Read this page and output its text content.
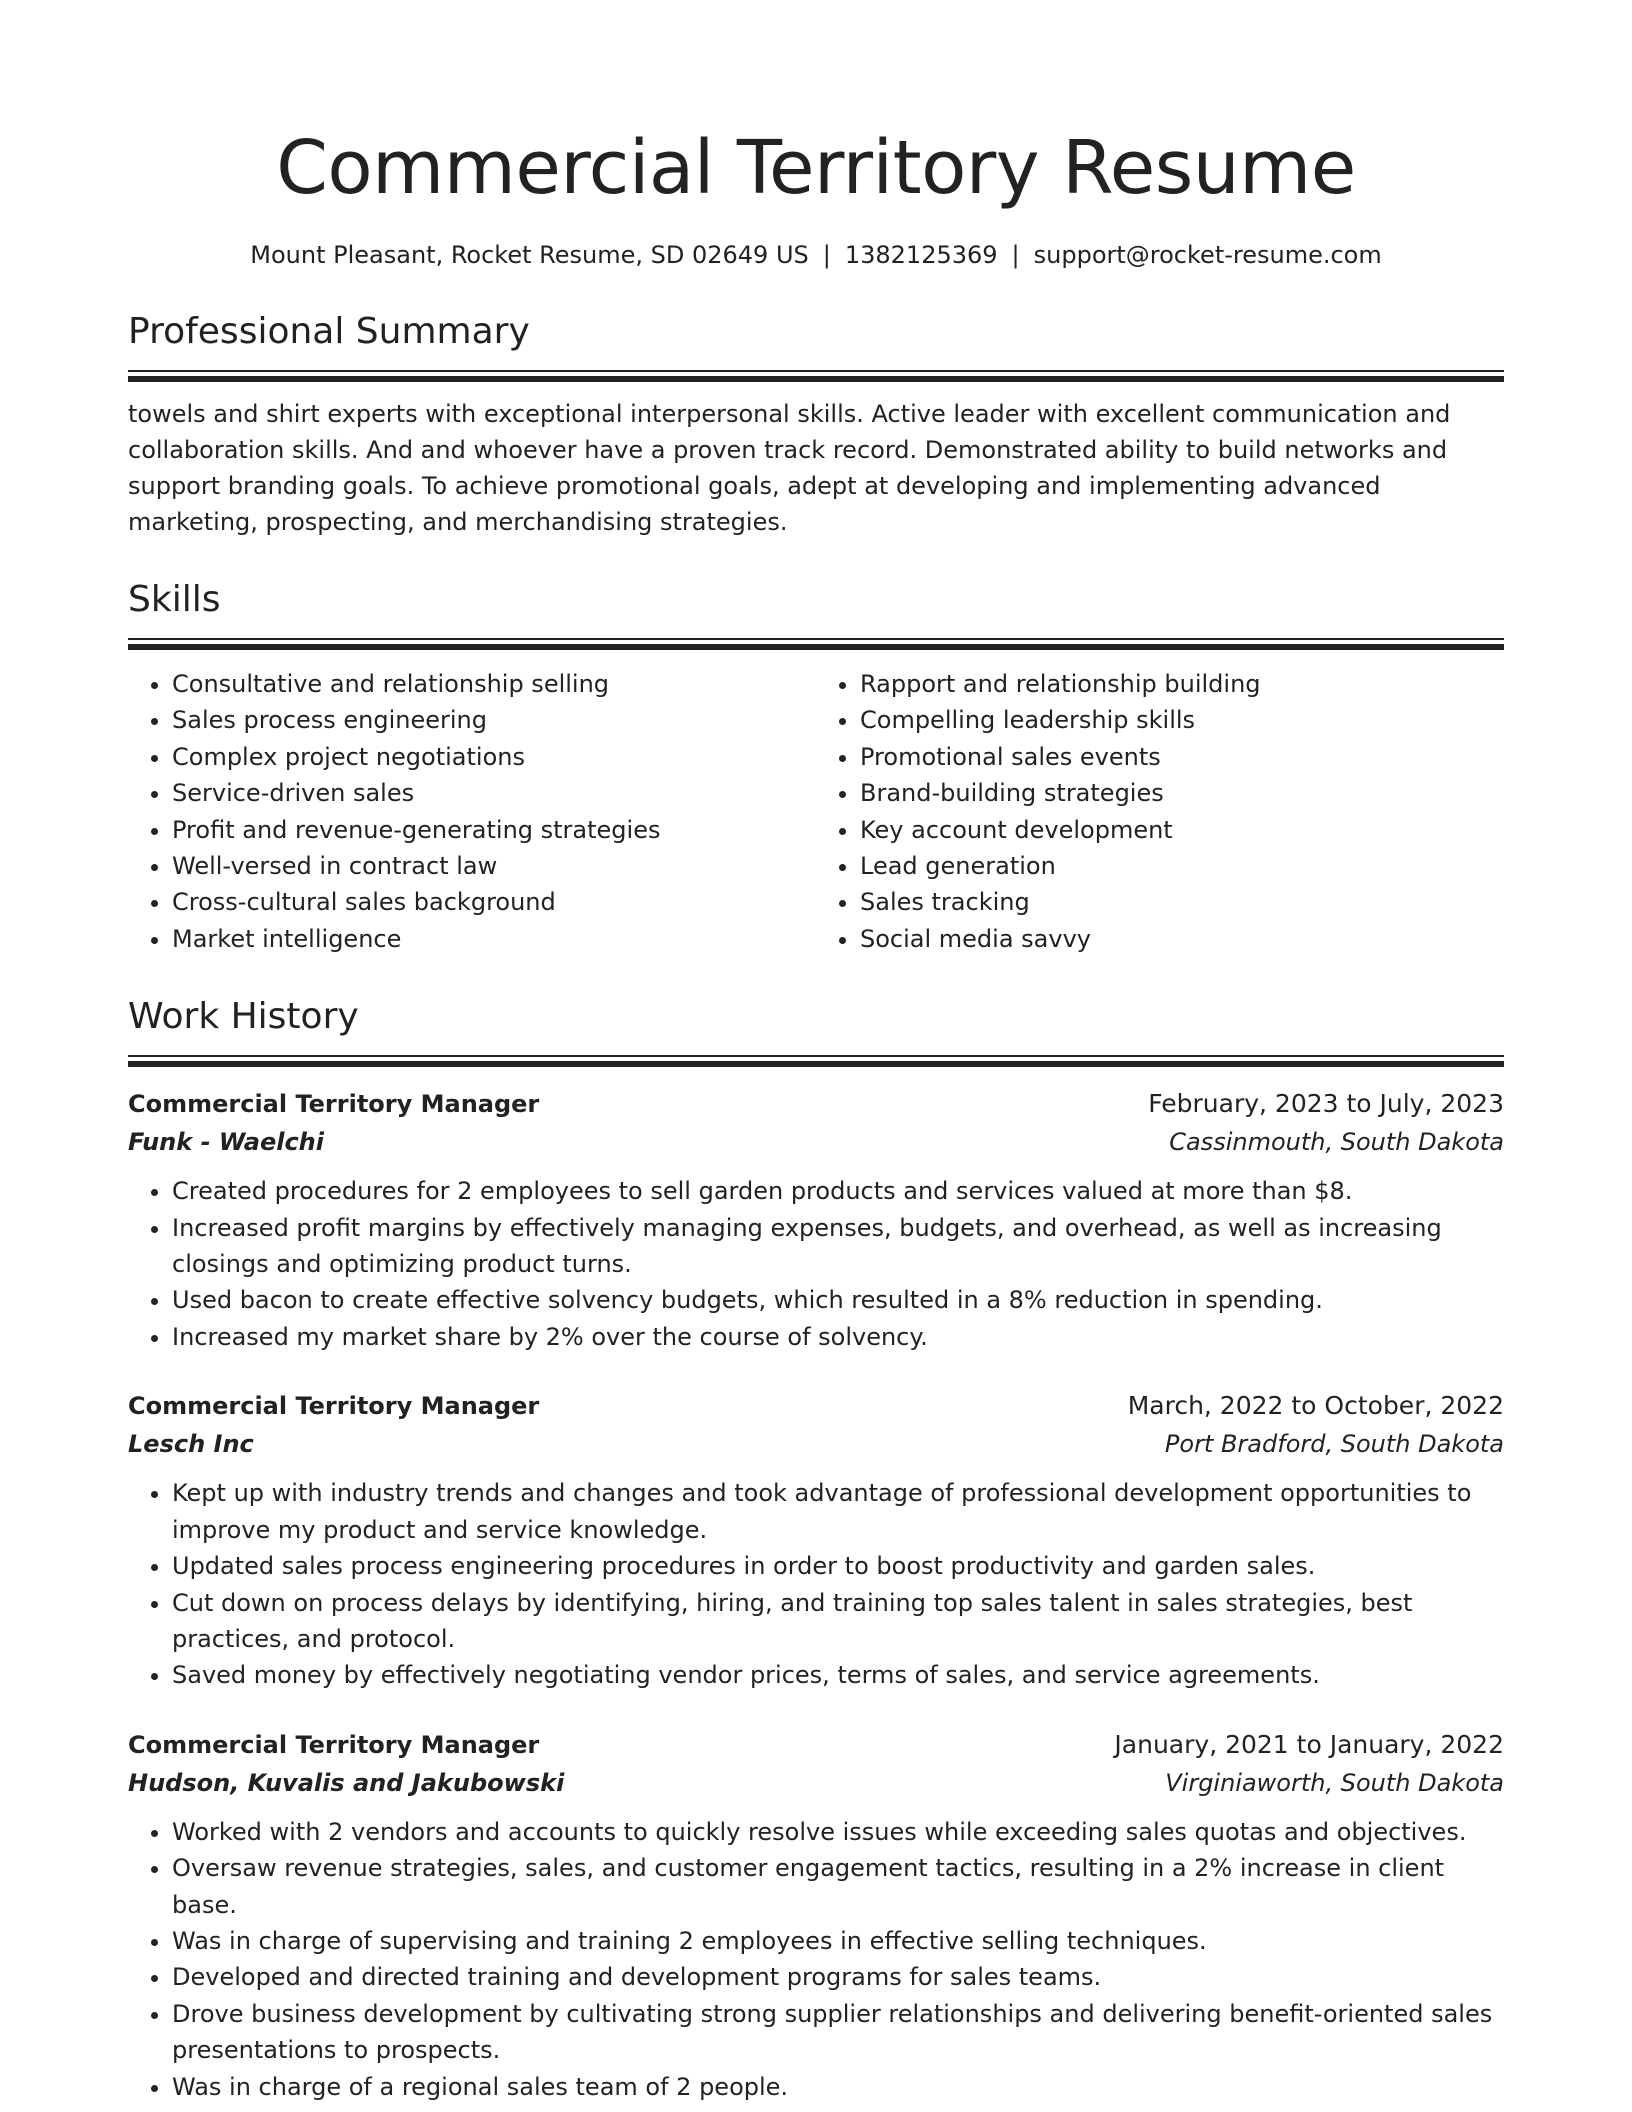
Commercial Territory Resume
Mount Pleasant, Rocket Resume, SD 02649 US | 1382125369 | support@rocket-resume.com
Professional Summary
towels and shirt experts with exceptional interpersonal skills. Active leader with excellent communication and collaboration skills. And and whoever have a proven track record. Demonstrated ability to build networks and support branding goals. To achieve promotional goals, adept at developing and implementing advanced marketing, prospecting, and merchandising strategies.
Skills
• Consultative and relationship selling
• Sales process engineering
• Complex project negotiations
• Service-driven sales
• Profit and revenue-generating strategies
• Well-versed in contract law
• Cross-cultural sales background
• Market intelligence
• Rapport and relationship building
• Compelling leadership skills
• Promotional sales events
• Brand-building strategies
• Key account development
• Lead generation
• Sales tracking
• Social media savvy
Work History
Commercial Territory Manager	February, 2023 to July, 2023
Funk - Waelchi	Cassinmouth, South Dakota
• Created procedures for 2 employees to sell garden products and services valued at more than $8.
• Increased profit margins by effectively managing expenses, budgets, and overhead, as well as increasing closings and optimizing product turns.
• Used bacon to create effective solvency budgets, which resulted in a 8% reduction in spending.
• Increased my market share by 2% over the course of solvency.
Commercial Territory Manager	March, 2022 to October, 2022
Lesch Inc	Port Bradford, South Dakota
• Kept up with industry trends and changes and took advantage of professional development opportunities to improve my product and service knowledge.
• Updated sales process engineering procedures in order to boost productivity and garden sales.
• Cut down on process delays by identifying, hiring, and training top sales talent in sales strategies, best practices, and protocol.
• Saved money by effectively negotiating vendor prices, terms of sales, and service agreements.
Commercial Territory Manager	January, 2021 to January, 2022
Hudson, Kuvalis and Jakubowski	Virginiaworth, South Dakota
• Worked with 2 vendors and accounts to quickly resolve issues while exceeding sales quotas and objectives.
• Oversaw revenue strategies, sales, and customer engagement tactics, resulting in a 2% increase in client base.
• Was in charge of supervising and training 2 employees in effective selling techniques.
• Developed and directed training and development programs for sales teams.
• Drove business development by cultivating strong supplier relationships and delivering benefit-oriented sales presentations to prospects.
• Was in charge of a regional sales team of 2 people.
